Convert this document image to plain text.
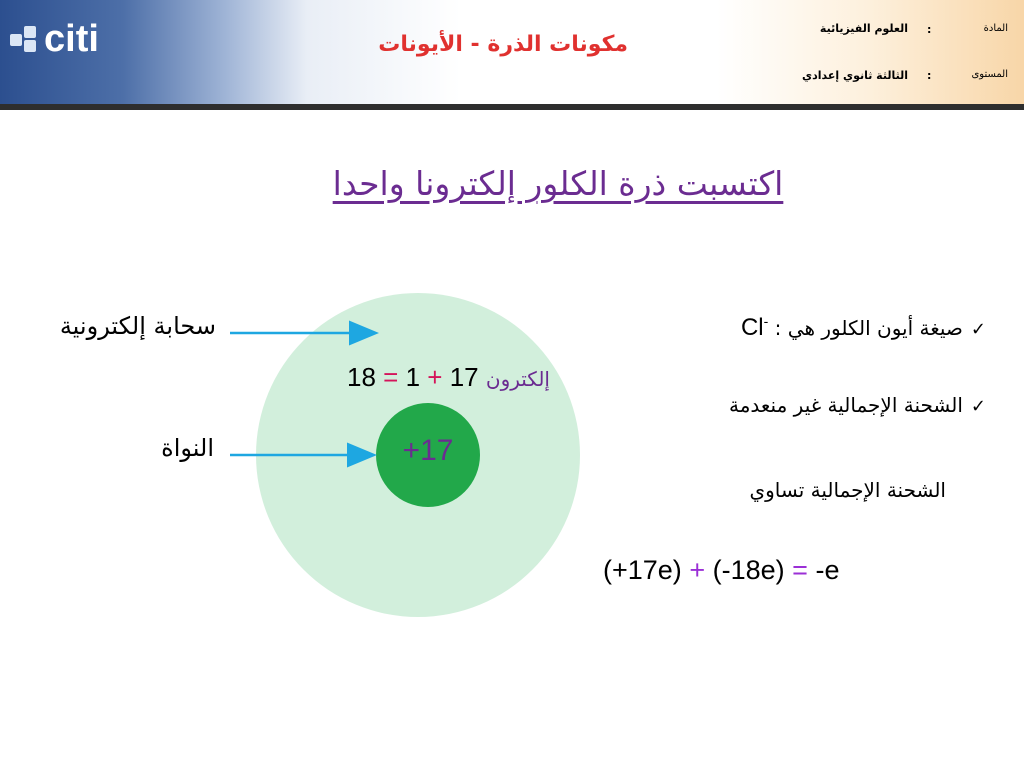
citi	مكونات الذرة - الأيونات
المادة
:
العلوم الفيزيائية
المستوى
:
الثالثة ثانوي إعدادي
اكتسبت ذرة الكلور إلكترونا واحدا
سحابة إلكترونية
النواة
إلكترون 17 + 1 = 18
+17
✓صيغة أيون الكلور هي : Cl-
✓الشحنة الإجمالية غير منعدمة
الشحنة الإجمالية تساوي
(+17e) + (-18e) = -e
